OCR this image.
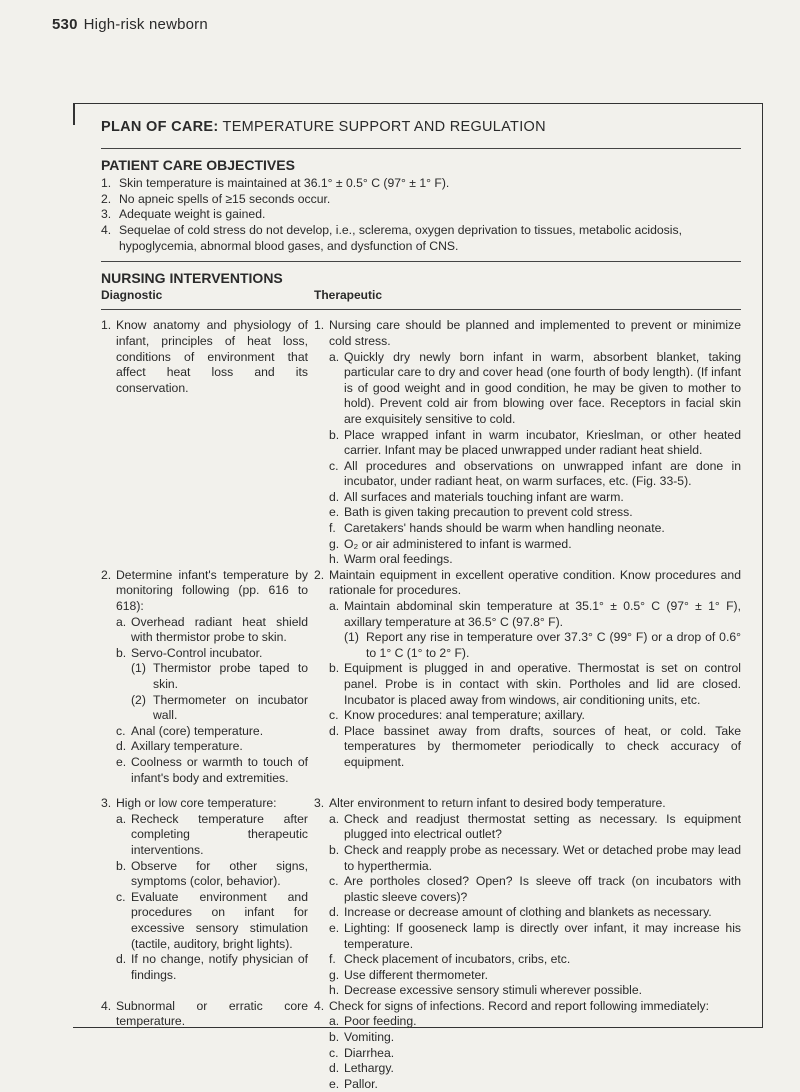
530 High-risk newborn
PLAN OF CARE: TEMPERATURE SUPPORT AND REGULATION
PATIENT CARE OBJECTIVES
1. Skin temperature is maintained at 36.1° ± 0.5° C (97° ± 1° F).
2. No apneic spells of ≥15 seconds occur.
3. Adequate weight is gained.
4. Sequelae of cold stress do not develop, i.e., sclerema, oxygen deprivation to tissues, metabolic acidosis, hypoglycemia, abnormal blood gases, and dysfunction of CNS.
NURSING INTERVENTIONS
Diagnostic	Therapeutic
1. Know anatomy and physiology of infant, principles of heat loss, conditions of environment that affect heat loss and its conservation.
1. Nursing care should be planned and implemented to prevent or minimize cold stress.
a. Quickly dry newly born infant in warm, absorbent blanket, taking particular care to dry and cover head (one fourth of body length). (If infant is of good weight and in good condition, he may be given to mother to hold). Prevent cold air from blowing over face. Receptors in facial skin are exquisitely sensitive to cold.
b. Place wrapped infant in warm incubator, Krieslman, or other heated carrier. Infant may be placed unwrapped under radiant heat shield.
c. All procedures and observations on unwrapped infant are done in incubator, under radiant heat, on warm surfaces, etc. (Fig. 33-5).
d. All surfaces and materials touching infant are warm.
e. Bath is given taking precaution to prevent cold stress.
f. Caretakers' hands should be warm when handling neonate.
g. O₂ or air administered to infant is warmed.
h. Warm oral feedings.
2. Determine infant's temperature by monitoring following (pp. 616 to 618):
a. Overhead radiant heat shield with thermistor probe to skin.
b. Servo-Control incubator.
(1) Thermistor probe taped to skin.
(2) Thermometer on incubator wall.
c. Anal (core) temperature.
d. Axillary temperature.
e. Coolness or warmth to touch of infant's body and extremities.
2. Maintain equipment in excellent operative condition. Know procedures and rationale for procedures.
a. Maintain abdominal skin temperature at 35.1° ± 0.5° C (97° ± 1° F), axillary temperature at 36.5° C (97.8° F).
(1) Report any rise in temperature over 37.3° C (99° F) or a drop of 0.6° to 1° C (1° to 2° F).
b. Equipment is plugged in and operative. Thermostat is set on control panel. Probe is in contact with skin. Portholes and lid are closed. Incubator is placed away from windows, air conditioning units, etc.
c. Know procedures: anal temperature; axillary.
d. Place bassinet away from drafts, sources of heat, or cold. Take temperatures by thermometer periodically to check accuracy of equipment.
3. High or low core temperature:
a. Recheck temperature after completing therapeutic interventions.
b. Observe for other signs, symptoms (color, behavior).
c. Evaluate environment and procedures on infant for excessive sensory stimulation (tactile, auditory, bright lights).
d. If no change, notify physician of findings.
3. Alter environment to return infant to desired body temperature.
a. Check and readjust thermostat setting as necessary. Is equipment plugged into electrical outlet?
b. Check and reapply probe as necessary. Wet or detached probe may lead to hyperthermia.
c. Are portholes closed? Open? Is sleeve off track (on incubators with plastic sleeve covers)?
d. Increase or decrease amount of clothing and blankets as necessary.
e. Lighting: If gooseneck lamp is directly over infant, it may increase his temperature.
f. Check placement of incubators, cribs, etc.
g. Use different thermometer.
h. Decrease excessive sensory stimuli wherever possible.
4. Subnormal or erratic core temperature.
4. Check for signs of infections. Record and report following immediately:
a. Poor feeding.
b. Vomiting.
c. Diarrhea.
d. Lethargy.
e. Pallor.
